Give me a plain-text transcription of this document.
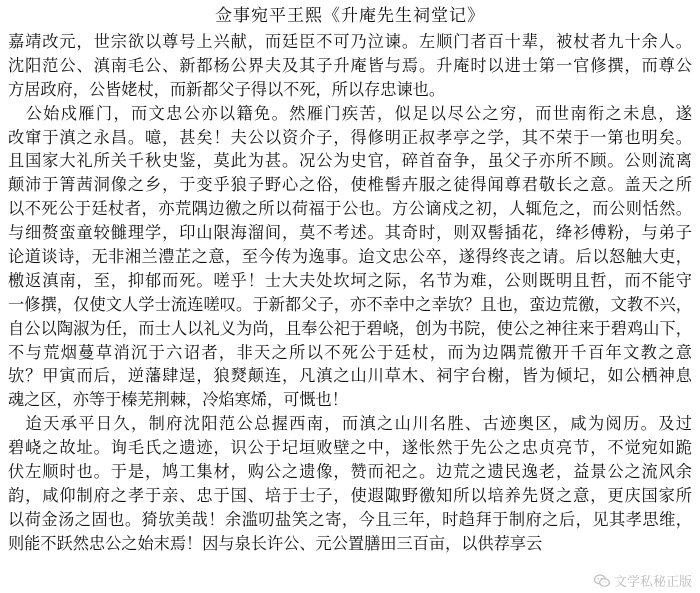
佥事宛平王熙《升庵先生祠堂记》
嘉靖改元，世宗欲以尊号上兴献，而廷臣不可乃泣谏。左顺门者百十辈，被杖者九十余人。
沈阳范公、滇南毛公、新都杨公界夫及其子升庵皆与焉。升庵时以进士第一官修撰，而尊公
方居政府，公皆姥杖，而新都父子得以不死，所以存忠谏也。
　公始戍雁门，而文忠公亦以籍免。然雁门疾苦，似足以尽公之穷，而世南衔之未息，遂
改窜于滇之永昌。噫，甚矣！夫公以资介子，得修明正叔孝亭之学，其不荣于一第也明矣。
且国家大礼所关千秋史鉴，莫此为甚。况公为史官，碎首奋争，虽父子亦所不顾。公则流离
颠沛于箐茜洞像之乡，于变乎狼子野心之俗，使椎髻卉服之徒得闻尊君敬长之意。盖天之所
以不死公于廷杖者，亦荒隅边徼之所以荷福于公也。方公谪戍之初，人辄危之，而公则恬然。
与细赘蛮童较雠理学，印山限海溜间，莫不考述。其奇时，则双髻插花，绛衫傅粉，与弟子
论道谈诗，无非湘兰澧芷之意，至今传为逸事。迨文忠公卒，遂得终丧之请。后以怒触大吏，
檄返滇南，至，抑郁而死。嗟乎！士大夫处坎坷之际，名节为难，公则既明且哲，而不能守
一修撰，仅使文人学士流连嗟叹。于新都父子，亦不幸中之幸欤？且也，蛮边荒徼，文教不兴，
自公以陶淑为任，而士人以礼义为尚，且奉公祀于碧峣，创为书院，使公之神往来于碧鸡山下，
不与荒烟蔓草消沉于六诏者，非天之所以不死公于廷杖，而为边隅荒徼开千百年文教之意
欤？甲寅而后，逆藩肆逞，狼燹颠连，凡滇之山川草木、祠宇台榭，皆为倾圮，如公栖神息
魂之区，亦等于榛芜荆棘，冷焰寒烯，可慨也！
　迨天承平日久，制府沈阳范公总握西南，而滇之山川名胜、古迹奥区，咸为阅历。及过
碧峣之故址。询毛氏之遗迹，识公于圮垣败壁之中，遂怅然于先公之忠贞亮节，不觉宛如跪
伏左顺时也。于是，鸠工集材，购公之遗像，赞而祀之。边荒之遗民逸老，益景公之流风余
韵，咸仰制府之孝于亲、忠于国、培于士子，使遐陬野徼知所以培养先贤之意，更庆国家所
以荷金汤之固也。猗欤美哉！余滥叨盐笑之寄，今且三年，时趋拜于制府之后，见其孝思维，
则能不跃然忠公之始末焉！因与泉长许公、元公置膳田三百亩，以供荐享云
文学私秘正版
